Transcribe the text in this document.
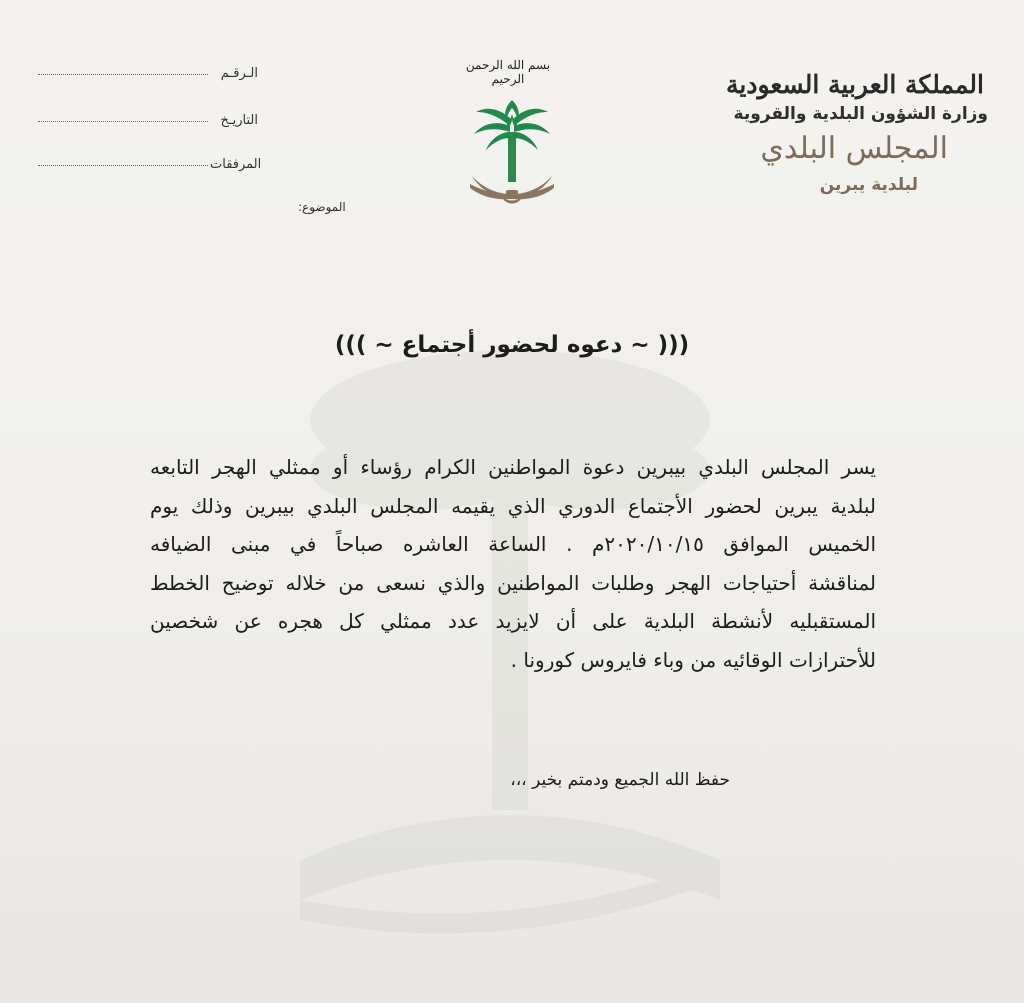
الـرقـم
التاريـخ
المرفقات
الموضوع:
بسم الله الرحمن الرحيم	المملكة العربية السعودية
وزارة الشؤون البلدية والقروية
المجلس البلدي
لبلدية يبرين
((( ~ دعوه لحضور أجتماع ~ )))
يسر المجلس البلدي بيبرين دعوة المواطنين الكرام رؤساء أو ممثلي الهجر التابعه
لبلدية يبرين لحضور الأجتماع الدوري الذي يقيمه المجلس البلدي بيبرين وذلك يوم
الخميس الموافق ٢٠٢٠/١٠/١٥م . الساعة العاشره صباحاً في مبنى الضيافه
لمناقشة أحتياجات الهجر وطلبات المواطنين والذي نسعى من خلاله توضيح الخطط
المستقبليه لأنشطة البلدية على أن لايزيد عدد ممثلي كل هجره عن شخصين
للأحترازات الوقائيه من وباء فايروس كورونا .
حفظ الله الجميع ودمتم بخير ،،،
